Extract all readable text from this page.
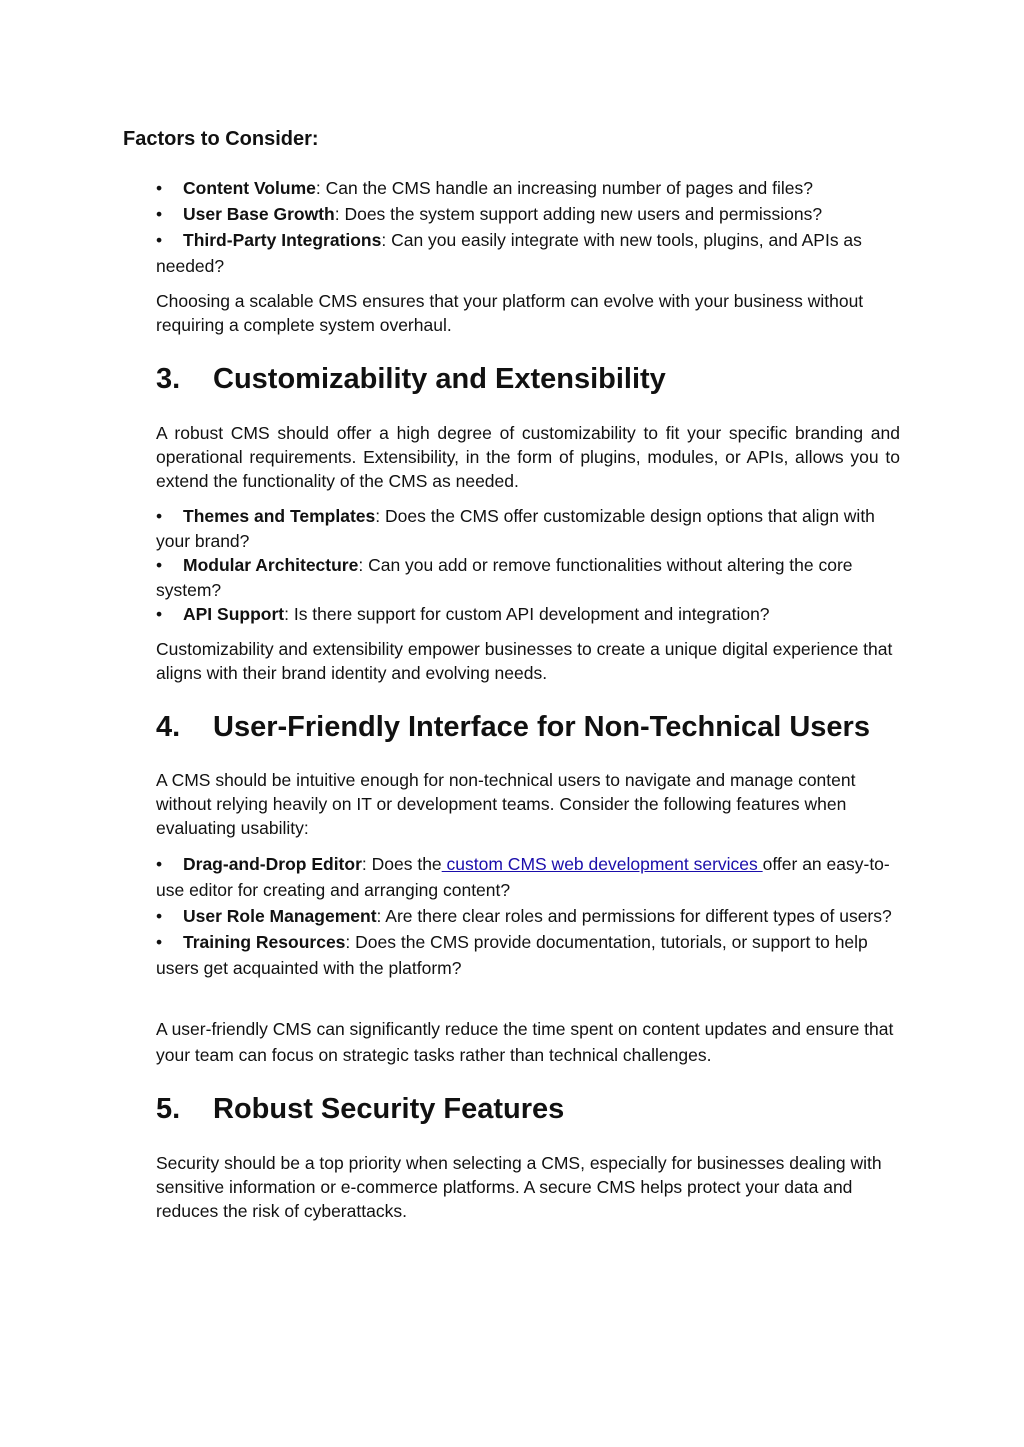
Factors to Consider:
• Content Volume: Can the CMS handle an increasing number of pages and files?
• User Base Growth: Does the system support adding new users and permissions?
• Third-Party Integrations: Can you easily integrate with new tools, plugins, and APIs as needed?

Choosing a scalable CMS ensures that your platform can evolve with your business without requiring a complete system overhaul.

3. Customizability and Extensibility

A robust CMS should offer a high degree of customizability to fit your specific branding and operational requirements. Extensibility, in the form of plugins, modules, or APIs, allows you to extend the functionality of the CMS as needed.

• Themes and Templates: Does the CMS offer customizable design options that align with your brand?
• Modular Architecture: Can you add or remove functionalities without altering the core system?
• API Support: Is there support for custom API development and integration?

Customizability and extensibility empower businesses to create a unique digital experience that aligns with their brand identity and evolving needs.

4. User-Friendly Interface for Non-Technical Users

A CMS should be intuitive enough for non-technical users to navigate and manage content without relying heavily on IT or development teams. Consider the following features when evaluating usability:

• Drag-and-Drop Editor: Does the custom CMS web development services offer an easy-to-use editor for creating and arranging content?
• User Role Management: Are there clear roles and permissions for different types of users?
• Training Resources: Does the CMS provide documentation, tutorials, or support to help users get acquainted with the platform?

A user-friendly CMS can significantly reduce the time spent on content updates and ensure that your team can focus on strategic tasks rather than technical challenges.

5. Robust Security Features

Security should be a top priority when selecting a CMS, especially for businesses dealing with sensitive information or e-commerce platforms. A secure CMS helps protect your data and reduces the risk of cyberattacks.
